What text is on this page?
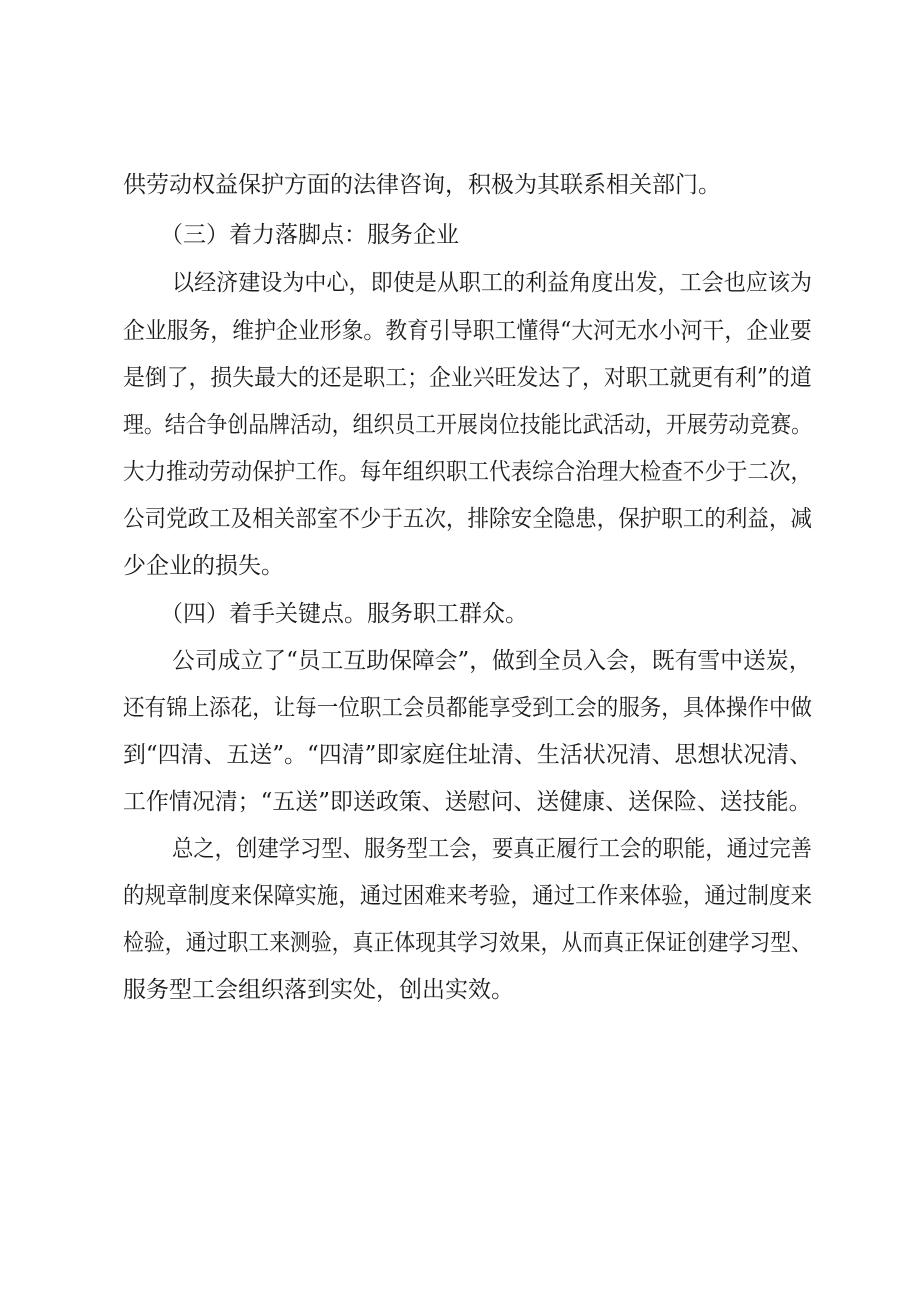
供劳动权益保护方面的法律咨询，积极为其联系相关部门。
（三）着力落脚点：服务企业
以经济建设为中心，即使是从职工的利益角度出发，工会也应该为
企业服务，维护企业形象。教育引导职工懂得“大河无水小河干，企业要
是倒了，损失最大的还是职工；企业兴旺发达了，对职工就更有利”的道
理。结合争创品牌活动，组织员工开展岗位技能比武活动，开展劳动竞赛。
大力推动劳动保护工作。每年组织职工代表综合治理大检查不少于二次，
公司党政工及相关部室不少于五次，排除安全隐患，保护职工的利益，减
少企业的损失。
（四）着手关键点。服务职工群众。
公司成立了“员工互助保障会”，做到全员入会，既有雪中送炭，
还有锦上添花，让每一位职工会员都能享受到工会的服务，具体操作中做
到“四清、五送”。“四清”即家庭住址清、生活状况清、思想状况清、
工作情况清；“五送”即送政策、送慰问、送健康、送保险、送技能。
总之，创建学习型、服务型工会，要真正履行工会的职能，通过完善
的规章制度来保障实施，通过困难来考验，通过工作来体验，通过制度来
检验，通过职工来测验，真正体现其学习效果，从而真正保证创建学习型、
服务型工会组织落到实处，创出实效。
